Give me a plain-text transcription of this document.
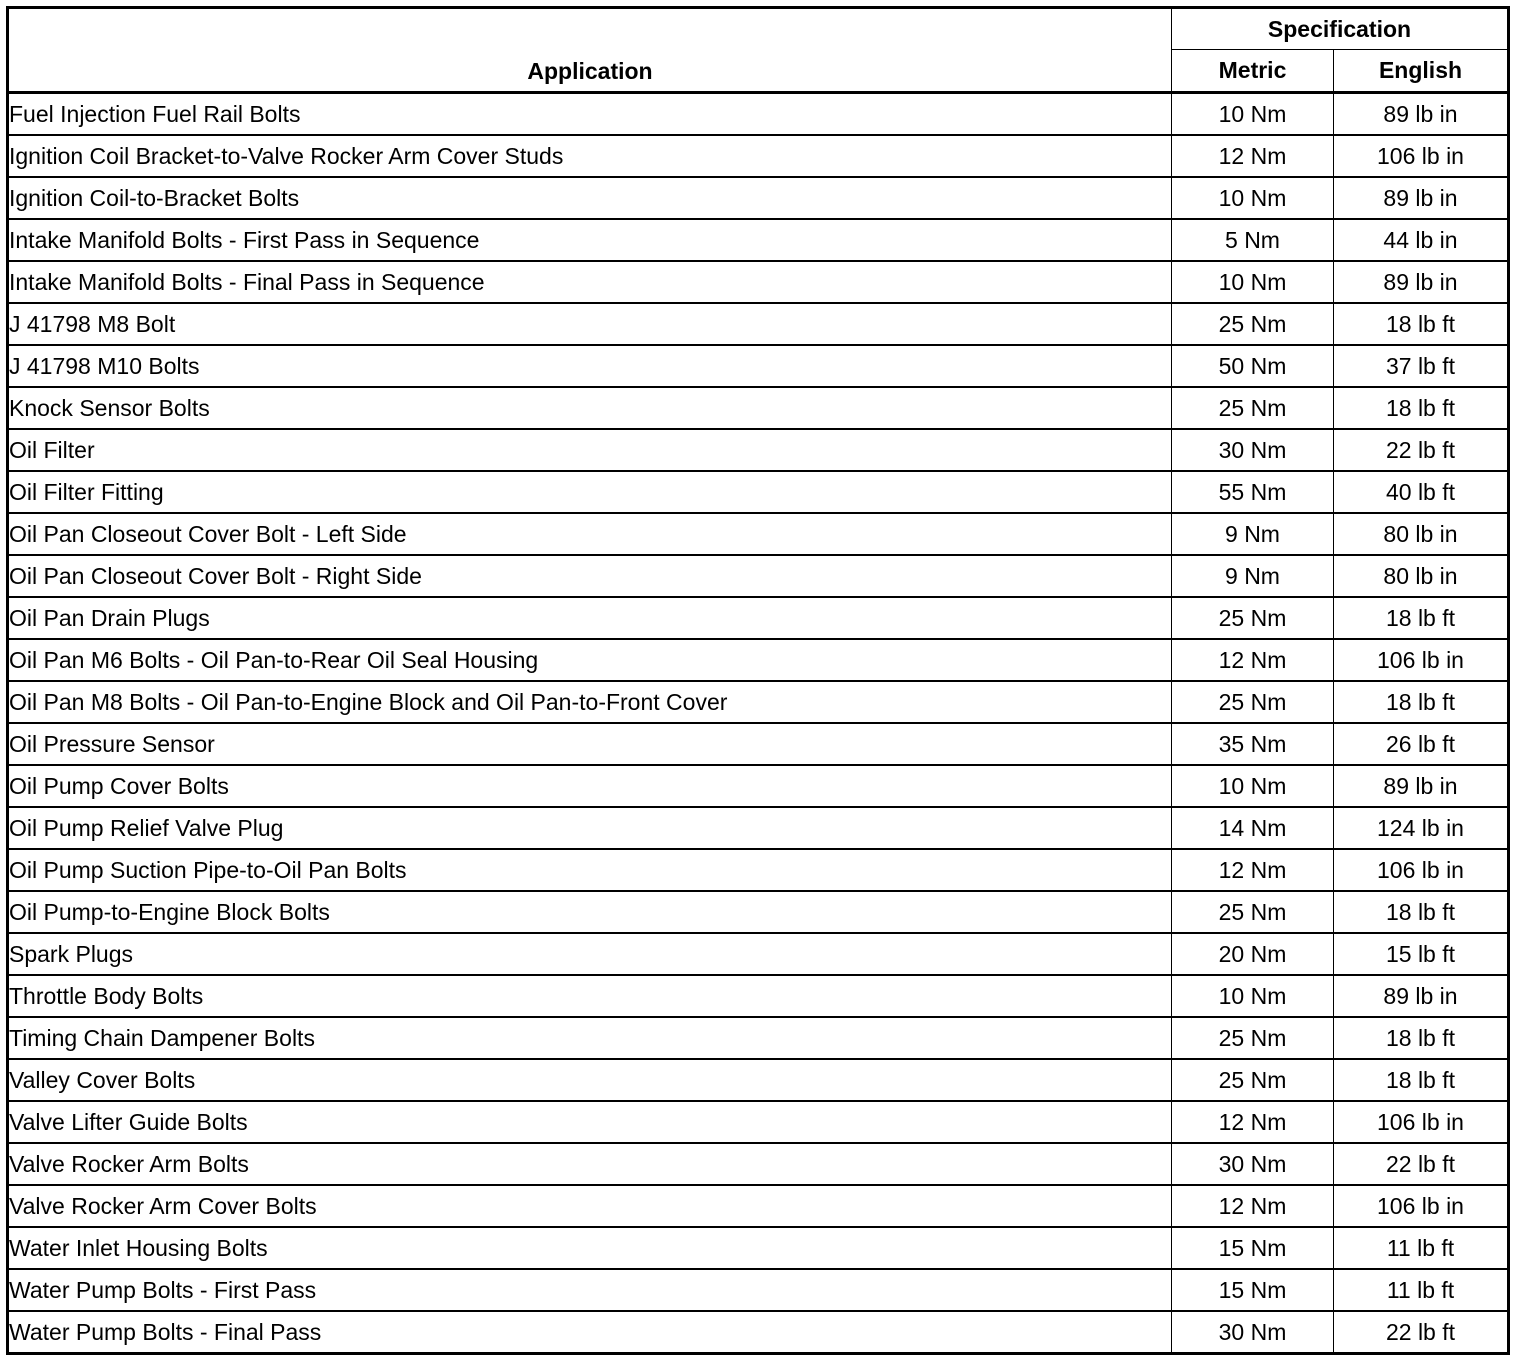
Application	Specification	
	Metric	English
Fuel Injection Fuel Rail Bolts	10 Nm	89 lb in
Ignition Coil Bracket-to-Valve Rocker Arm Cover Studs	12 Nm	106 lb in
Ignition Coil-to-Bracket Bolts	10 Nm	89 lb in
Intake Manifold Bolts - First Pass in Sequence	5 Nm	44 lb in
Intake Manifold Bolts - Final Pass in Sequence	10 Nm	89 lb in
J 41798 M8 Bolt	25 Nm	18 lb ft
J 41798 M10 Bolts	50 Nm	37 lb ft
Knock Sensor Bolts	25 Nm	18 lb ft
Oil Filter	30 Nm	22 lb ft
Oil Filter Fitting	55 Nm	40 lb ft
Oil Pan Closeout Cover Bolt - Left Side	9 Nm	80 lb in
Oil Pan Closeout Cover Bolt - Right Side	9 Nm	80 lb in
Oil Pan Drain Plugs	25 Nm	18 lb ft
Oil Pan M6 Bolts - Oil Pan-to-Rear Oil Seal Housing	12 Nm	106 lb in
Oil Pan M8 Bolts - Oil Pan-to-Engine Block and Oil Pan-to-Front Cover	25 Nm	18 lb ft
Oil Pressure Sensor	35 Nm	26 lb ft
Oil Pump Cover Bolts	10 Nm	89 lb in
Oil Pump Relief Valve Plug	14 Nm	124 lb in
Oil Pump Suction Pipe-to-Oil Pan Bolts	12 Nm	106 lb in
Oil Pump-to-Engine Block Bolts	25 Nm	18 lb ft
Spark Plugs	20 Nm	15 lb ft
Throttle Body Bolts	10 Nm	89 lb in
Timing Chain Dampener Bolts	25 Nm	18 lb ft
Valley Cover Bolts	25 Nm	18 lb ft
Valve Lifter Guide Bolts	12 Nm	106 lb in
Valve Rocker Arm Bolts	30 Nm	22 lb ft
Valve Rocker Arm Cover Bolts	12 Nm	106 lb in
Water Inlet Housing Bolts	15 Nm	11 lb ft
Water Pump Bolts - First Pass	15 Nm	11 lb ft
Water Pump Bolts - Final Pass	30 Nm	22 lb ft
